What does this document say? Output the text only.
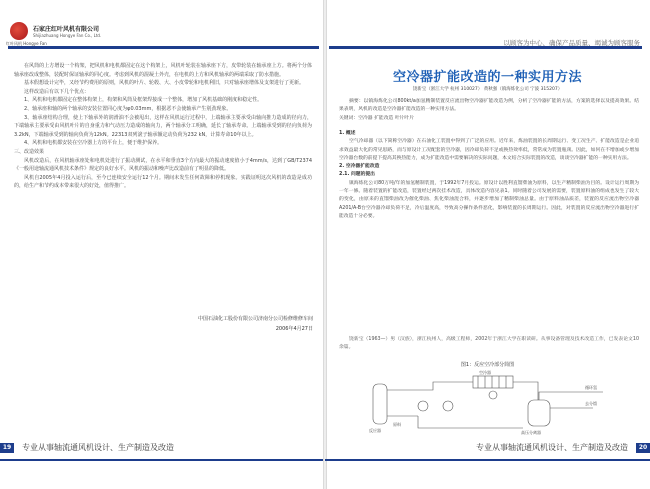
红叶风机 Hongye Fan
石家庄红叶风机有限公司
Shijiazhuang Hongye Fan Co., Ltd.

在风筒的上方增设一个构架，把风机和电机都固定在这个构架上，风机叶轮装在轴承座下方，皮带轮装在轴承座上方。将两个分体轴承座改成整体，装配时保证轴承的同心度。考虑到风机的混凝土外壳，在电机的上方和风机轴承的两端采取了防水措施。

基本假想设计完毕，又经节约费用的原则，风机的叶片、轮毂、大、小皮带轮和电机利旧，只对轴承座增体及支架进行了更新。

这样改造后有以下几个优点：

1、风机和电机都固定在整体构架上，构架和风筒及框架焊接成一个整体，增加了风机基础的刚度和稳定性。

2、轴承座和轴的两个轴承的安装位置同心度为φ0.03mm，根据恶不会使轴承产生别劲现象。

3、轴承座结构合理，使上下轴承外的润滑油不会被甩出，这样在风机运行过程中，上端轴承主要承受由轴向推力造成的径向力，下端轴承主要承受由风机叶片的自身重力和气动压力造成的轴向力，两个轴承分工明确，延长了轴承寿命。上端轴承受到的径向负荷为3.2kN，下端轴承受到的轴向负荷为12kN。22313双列滚子轴承额定动负荷为232 kN，计算寿命10年以上。

4、风机和电机都安装在空冷器上方的平台上，便于维护保养。

三、改造效果

风机改造后，在风机轴承座处和电机处进行了振动测试，在水平和垂直3个方向最大的振动速度值小于4mm/s，达到了GB/T2374《一般用途轴流通风机技术条件》规定的良好水平。风机的振动和噪声比改造前有了明显的降低。

风机自2005年4月投入运行后，至今已连续安全运行12个月。期间未发生任何故障和停机现象。实践证明这次风机的改造是成功的，给生产和节约成本带来很大的好处，值得推广。

中国石油化工股份有限公司济南分公司检修维修车间
2006年4月27日
19	专业从事轴流通风机设计、生产制造及改造
以顾客为中心、确保产品质量、竭诚为顾客服务
空冷器扩能改造的一种实用方法
饶新宝（浙江大学 杭州 310027） 黄秋强（镇海炼化公司 宁波 315207）

摘要：以镇海炼化公司800kt/a加氢精制装置反应流出物空冷器扩能改造为例，分析了空冷器扩能的方法，方案的选择以及提高效果。结果表明，风机的改造是空冷器扩能改造的一种实用方法。

关键词：空冷器 扩能改造 叶片叶片

1. 概述

空气冷却器（以下简称空冷器）在石油化工装置中得到了广泛的应用。近年来，炼油装置的长周期运行、变工况生产、扩能改造是企业追求效益最大化的常见思路，而与原设计工况配套的空冷器，因冷却负荷不足或换热效率低，常常成为装置瓶颈。因此，如何在不增加或少增加空冷器台数的前提下提高其换热能力，成为扩能改造中需要解决的实际问题，本文结合实际装置的改造，谈谈空冷器扩能的一种实用方法。

2. 空冷器扩能改造

2.1. 问题的提出

镇海炼化公司80万吨/年的加氢精制装置，于1992年7月投运。原设计以胜利直馏柴油为原料，以生产精制柴油为目的。设计运行周期为一年一修。随着装置的扩能改造，装置经过两次挂术改造，具体改造内容见表1。同时随着公司发展的需要，装置原料油的组成也发生了较大的变化，由原来的直馏柴油改为催化柴油、焦化柴油混合料，并逐步增加了精制柴油总量。由于原料油品质差，装置的反应流出物空冷器A201/A-B台空冷器冷却负荷不足，冷后温度高，导致高分操作条件恶化，影响装置的长周期运行。因此，对装置的反应流出物空冷器进行扩能改造十分必要。

饶新宝（1963—）男（汉族），浙江杭州人，高级工程师，2002年于浙江大学在职读研。从事设备管理及技术改造工作，已发表论文10余篇。

图1：反应空冷部分简图
反应器	高压分离器
空冷器
原料
循环氢
去分馏
20
专业从事轴流通风机设计、生产制造及改造
